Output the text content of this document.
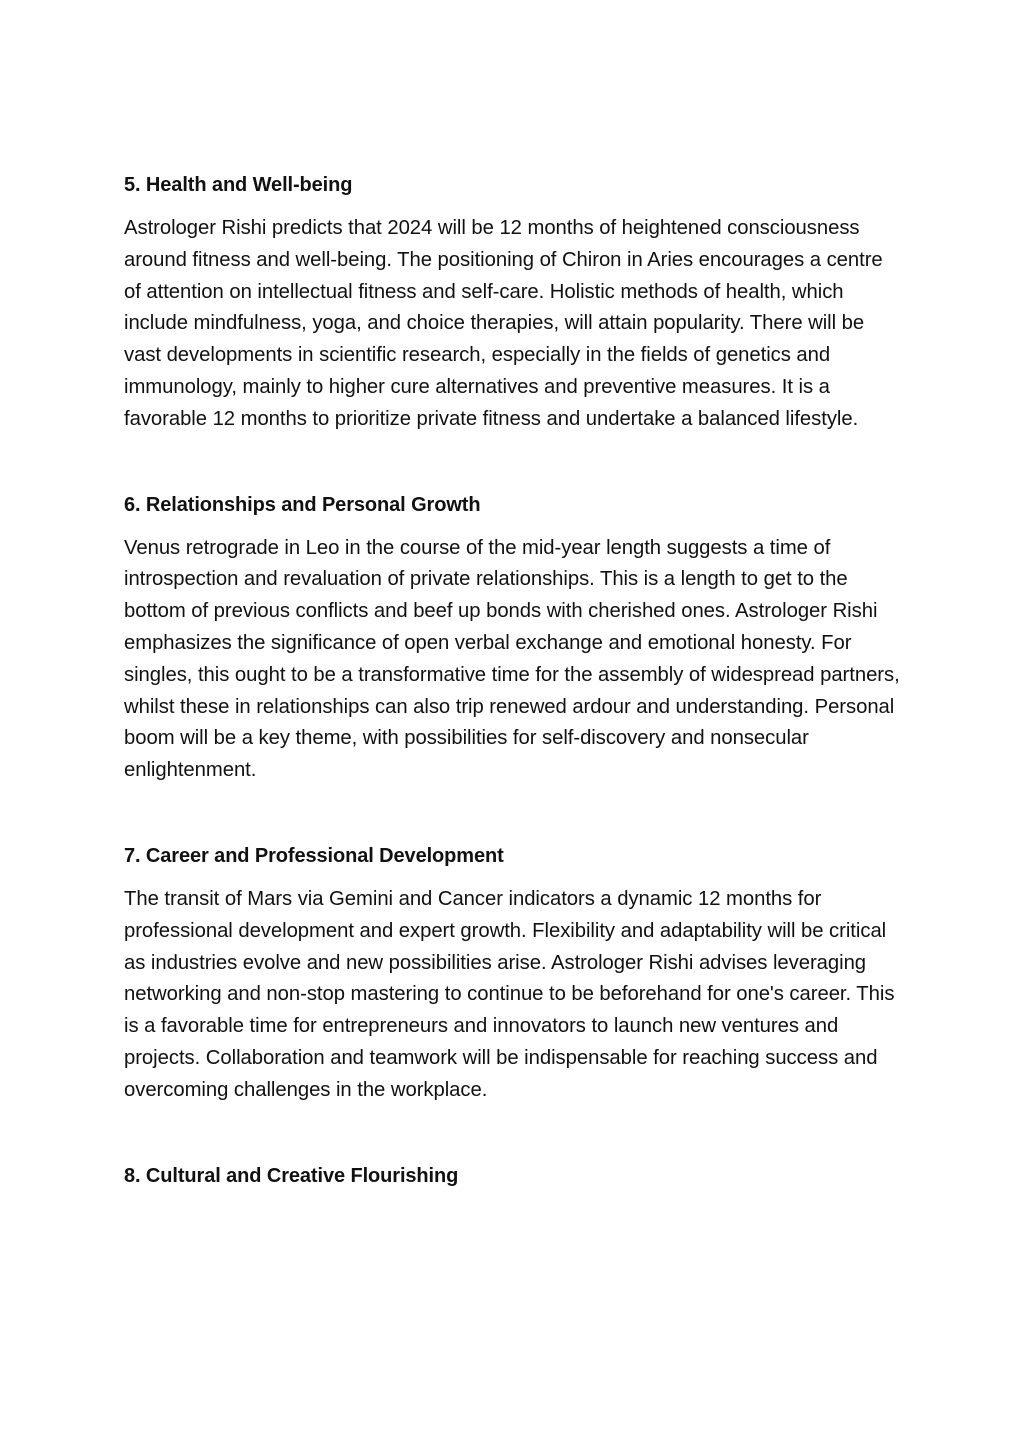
5. Health and Well-being

Astrologer Rishi predicts that 2024 will be 12 months of heightened consciousness around fitness and well-being. The positioning of Chiron in Aries encourages a centre of attention on intellectual fitness and self-care. Holistic methods of health, which include mindfulness, yoga, and choice therapies, will attain popularity. There will be vast developments in scientific research, especially in the fields of genetics and immunology, mainly to higher cure alternatives and preventive measures. It is a favorable 12 months to prioritize private fitness and undertake a balanced lifestyle.

6. Relationships and Personal Growth

Venus retrograde in Leo in the course of the mid-year length suggests a time of introspection and revaluation of private relationships. This is a length to get to the bottom of previous conflicts and beef up bonds with cherished ones. Astrologer Rishi emphasizes the significance of open verbal exchange and emotional honesty. For singles, this ought to be a transformative time for the assembly of widespread partners, whilst these in relationships can also trip renewed ardour and understanding. Personal boom will be a key theme, with possibilities for self-discovery and nonsecular enlightenment.

7. Career and Professional Development

The transit of Mars via Gemini and Cancer indicators a dynamic 12 months for professional development and expert growth. Flexibility and adaptability will be critical as industries evolve and new possibilities arise. Astrologer Rishi advises leveraging networking and non-stop mastering to continue to be beforehand for one's career. This is a favorable time for entrepreneurs and innovators to launch new ventures and projects. Collaboration and teamwork will be indispensable for reaching success and overcoming challenges in the workplace.

8. Cultural and Creative Flourishing
